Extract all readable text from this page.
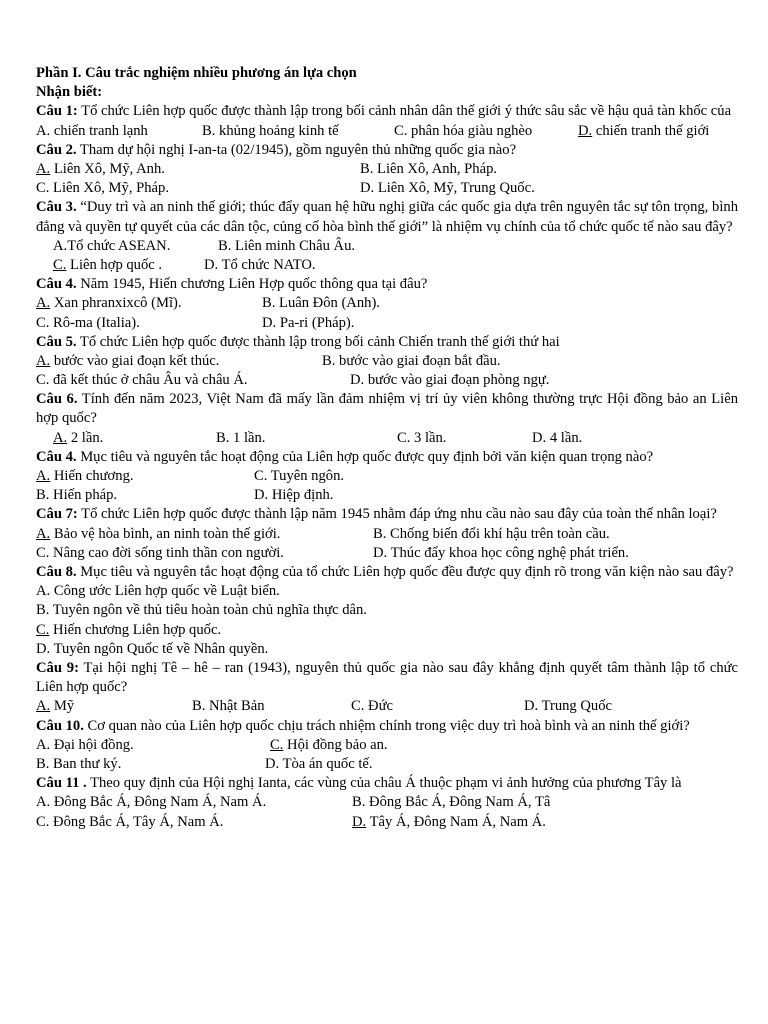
Phần I. Câu trắc nghiệm nhiều phương án lựa chọn
Nhận biết:
Câu 1: Tổ chức Liên hợp quốc được thành lập trong bối cảnh nhân dân thế giới ý thức sâu sắc về hậu quả tàn khốc của
A. chiến tranh lạnh	B. khủng hoảng kinh tế	C. phân hóa giàu nghèo	D. chiến tranh thế giới
Câu 2. Tham dự hội nghị I-an-ta (02/1945), gồm nguyên thủ những quốc gia nào?
A. Liên Xô, Mỹ, Anh.	B. Liên Xô, Anh, Pháp.
C. Liên Xô, Mỹ, Pháp.	D. Liên Xô, Mỹ, Trung Quốc.
Câu 3. “Duy trì và an ninh thế giới; thúc đẩy quan hệ hữu nghị giữa các quốc gia dựa trên nguyên tắc sự tôn trọng, bình đẳng và quyền tự quyết của các dân tộc, củng cố hòa bình thế giới” là nhiệm vụ chính của tổ chức quốc tế nào sau đây?
A.Tổ chức ASEAN.	B. Liên minh Châu Âu.
C. Liên hợp quốc .	D. Tổ chức NATO.
Câu 4. Năm 1945, Hiến chương Liên Hợp quốc thông qua tại đâu?
A. Xan phranxixcô (Mĩ).	B. Luân Đôn (Anh).
C. Rô-ma (Italia).	D. Pa-ri (Pháp).
Câu 5. Tổ chức Liên hợp quốc được thành lập trong bối cảnh Chiến tranh thế giới thứ hai
A. bước vào giai đoạn kết thúc.	B. bước vào giai đoạn bắt đầu.
C. đã kết thúc ở châu Âu và châu Á.	D. bước vào giai đoạn phòng ngự.
Câu 6. Tính đến năm 2023, Việt Nam đã mấy lần đảm nhiệm vị trí ủy viên không thường trực Hội đồng bảo an Liên hợp quốc?
A. 2 lần.	B. 1 lần.	C. 3 lần.	D. 4 lần.
Câu 4. Mục tiêu và nguyên tắc hoạt động của Liên hợp quốc được quy định bởi văn kiện quan trọng nào?
A. Hiến chương.	C. Tuyên ngôn.
B. Hiến pháp.	D. Hiệp định.
Câu 7: Tổ chức Liên hợp quốc được thành lập năm 1945 nhằm đáp ứng nhu cầu nào sau đây của toàn thế nhân loại?
A. Bảo vệ hòa bình, an ninh toàn thế giới.	B. Chống biến đổi khí hậu trên toàn cầu.
C. Nâng cao đời sống tinh thần con người.	D. Thúc đẩy khoa học công nghệ phát triển.
Câu 8. Mục tiêu và nguyên tắc hoạt động của tổ chức Liên hợp quốc đều được quy định rõ trong văn kiện nào sau đây?
A. Công ước Liên hợp quốc về Luật biển.
B. Tuyên ngôn về thủ tiêu hoàn toàn chủ nghĩa thực dân.
C. Hiến chương Liên hợp quốc.
D. Tuyên ngôn Quốc tế về Nhân quyền.
Câu 9: Tại hội nghị Tê – hê – ran (1943), nguyên thủ quốc gia nào sau đây khẳng định quyết tâm thành lập tổ chức Liên hợp quốc?
A. Mỹ	B. Nhật Bản	C. Đức	D. Trung Quốc
Câu 10. Cơ quan nào của Liên hợp quốc chịu trách nhiệm chính trong việc duy trì hoà bình và an ninh thế giới?
A. Đại hội đồng.	C. Hội đồng bảo an.
B. Ban thư ký.	D. Tòa án quốc tế.
Câu 11 . Theo quy định của Hội nghị Ianta, các vùng của châu Á thuộc phạm vi ảnh hưởng của phương Tây là
A. Đông Bắc Á, Đông Nam Á, Nam Á.	B. Đông Bắc Á, Đông Nam Á, Tâ
C. Đông Bắc Á, Tây Á, Nam Á.	D. Tây Á, Đông Nam Á, Nam Á.
